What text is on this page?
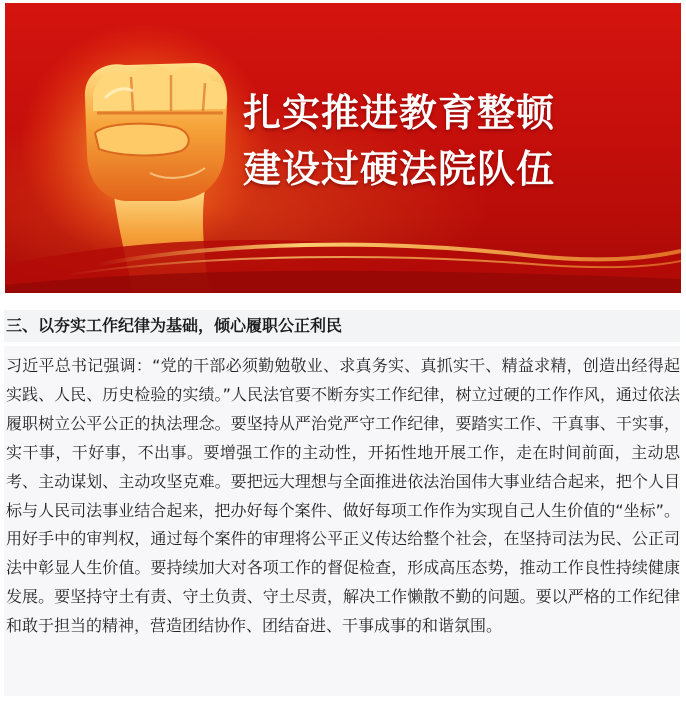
扎实推进教育整顿
建设过硬法院队伍
三、以夯实工作纪律为基础，倾心履职公正利民

习近平总书记强调：“党的干部必须勤勉敬业、求真务实、真抓实干、精益求精，创造出经得起实践、人民、历史检验的实绩。”人民法官要不断夯实工作纪律，树立过硬的工作作风，通过依法履职树立公平公正的执法理念。要坚持从严治党严守工作纪律，要踏实工作、干真事、干实事，实干事，干好事，不出事。要增强工作的主动性，开拓性地开展工作，走在时间前面，主动思考、主动谋划、主动攻坚克难。要把远大理想与全面推进依法治国伟大事业结合起来，把个人目标与人民司法事业结合起来，把办好每个案件、做好每项工作作为实现自己人生价值的“坐标”。用好手中的审判权，通过每个案件的审理将公平正义传达给整个社会，在坚持司法为民、公正司法中彰显人生价值。要持续加大对各项工作的督促检查，形成高压态势，推动工作良性持续健康发展。要坚持守土有责、守土负责、守土尽责，解决工作懒散不勤的问题。要以严格的工作纪律和敢于担当的精神，营造团结协作、团结奋进、干事成事的和谐氛围。
